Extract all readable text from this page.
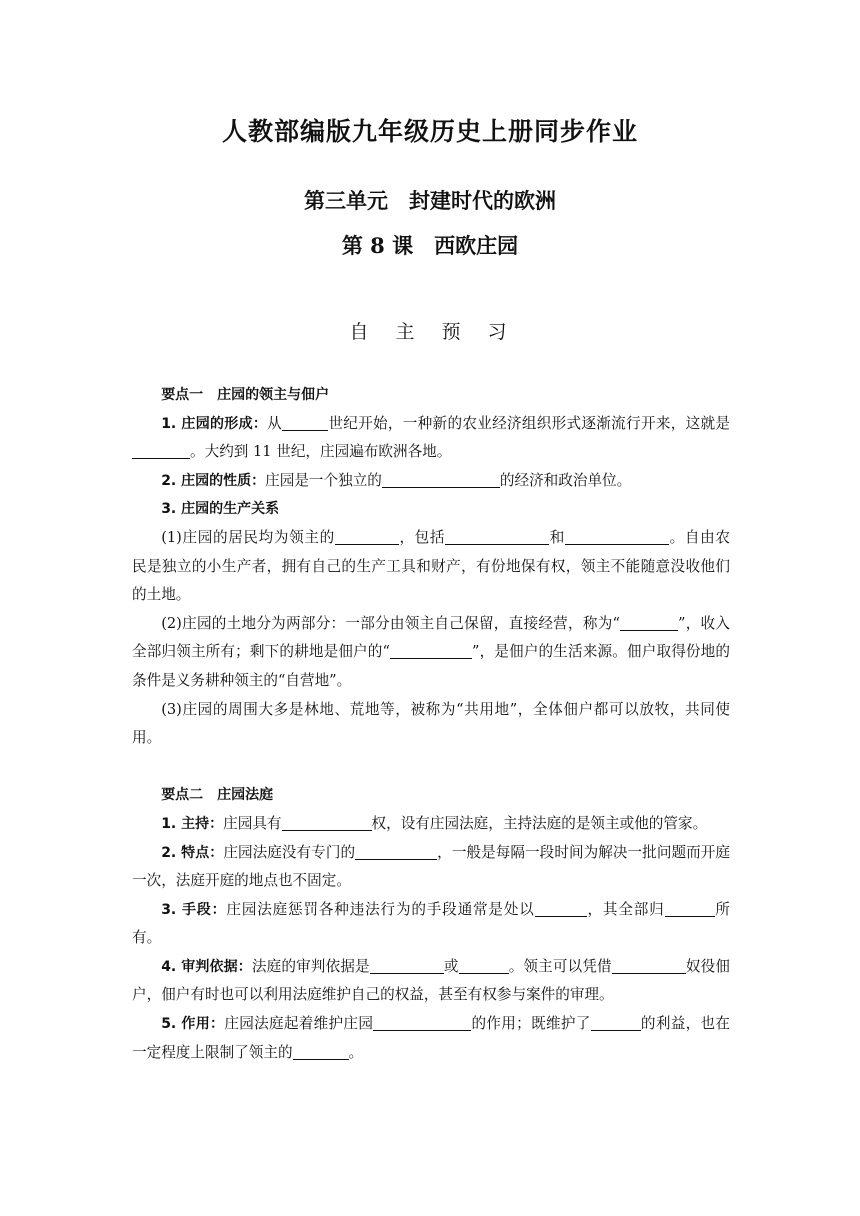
人教部编版九年级历史上册同步作业
第三单元　封建时代的欧洲
第 8 课　西欧庄园
自　主　预　习

要点一　庄园的领主与佃户

1. 庄园的形成：从	世纪开始，一种新的农业经济组织形式逐渐流行开来，这就是。大约到 11 世纪，庄园遍布欧洲各地。

2. 庄园的性质：庄园是一个独立的	的经济和政治单位。

3. 庄园的生产关系

(1)庄园的居民均为领主的	，包括	和	。自由农民是独立的小生产者，拥有自己的生产工具和财产，有份地保有权，领主不能随意没收他们的土地。

(2)庄园的土地分为两部分：一部分由领主自己保留，直接经营，称为“	”，收入全部归领主所有；剩下的耕地是佃户的“	”，是佃户的生活来源。佃户取得份地的条件是义务耕种领主的“自营地”。

(3)庄园的周围大多是林地、荒地等，被称为“共用地”，全体佃户都可以放牧，共同使用。

要点二　庄园法庭

1. 主持：庄园具有	权，设有庄园法庭，主持法庭的是领主或他的管家。

2. 特点：庄园法庭没有专门的	，一般是每隔一段时间为解决一批问题而开庭一次，法庭开庭的地点也不固定。

3. 手段：庄园法庭惩罚各种违法行为的手段通常是处以	，其全部归	所有。

4. 审判依据：法庭的审判依据是	或	。领主可以凭借	奴役佃户，佃户有时也可以利用法庭维护自己的权益，甚至有权参与案件的审理。

5. 作用：庄园法庭起着维护庄园	的作用；既维护了	的利益，也在一定程度上限制了领主的	。
